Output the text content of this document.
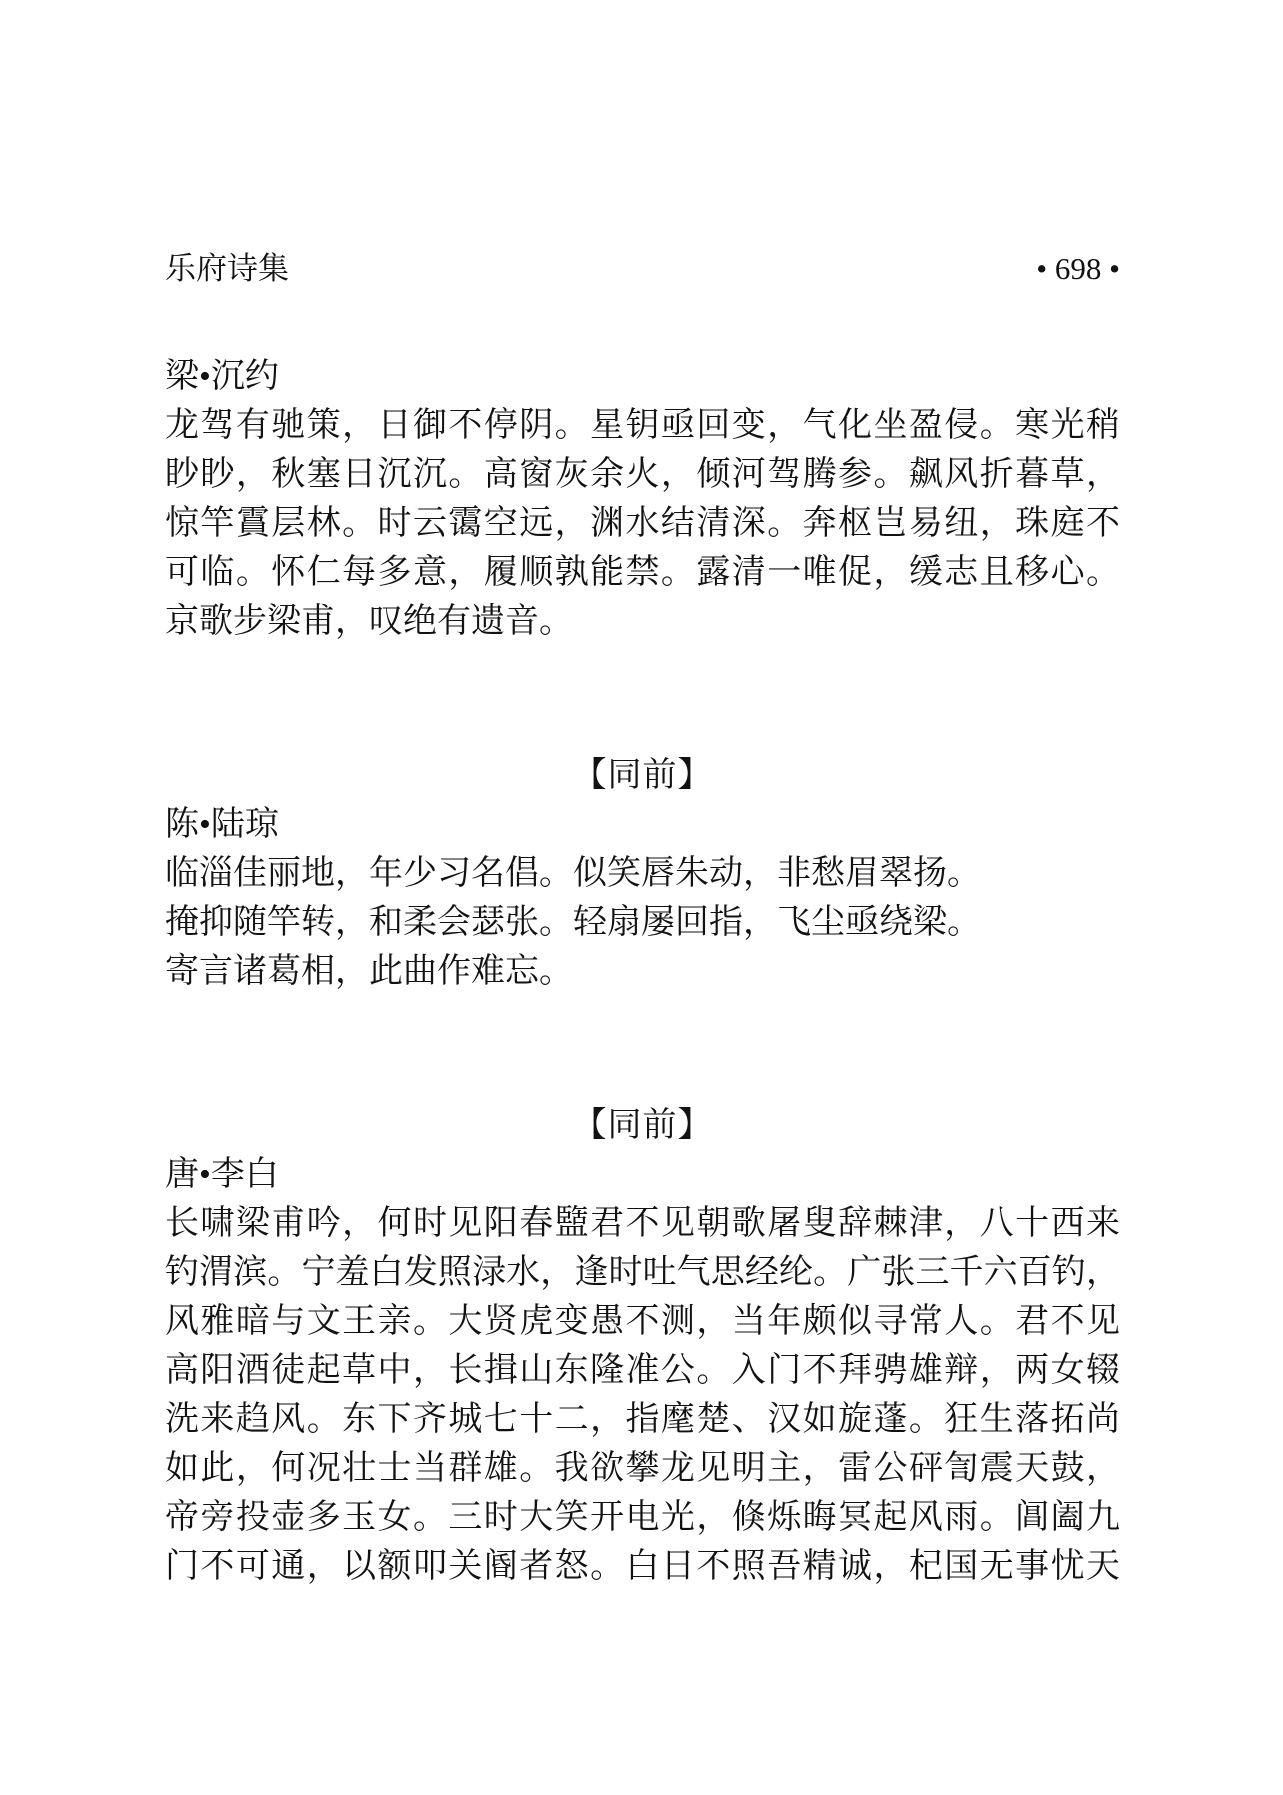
乐府诗集	• 698 •
梁•沉约
龙驾有驰策，日御不停阴。星钥亟回变，气化坐盈侵。寒光稍
眇眇，秋塞日沉沉。高窗灰余火，倾河驾腾参。飙风折暮草，
惊竿霣层林。时云霭空远，渊水结清深。奔枢岂易纽，珠庭不
可临。怀仁每多意，履顺孰能禁。露清一唯促，缓志且移心。
京歌步梁甫，叹绝有遗音。
【同前】
陈•陆琼
临淄佳丽地，年少习名倡。似笑唇朱动，非愁眉翠扬。
掩抑随竿转，和柔会瑟张。轻扇屡回指，飞尘亟绕梁。
寄言诸葛相，此曲作难忘。
【同前】
唐•李白
长啸梁甫吟，何时见阳春盬君不见朝歌屠叟辞棘津，八十西来
钓渭滨。宁羞白发照渌水，逢时吐气思经纶。广张三千六百钓，
风雅暗与文王亲。大贤虎变愚不测，当年颇似寻常人。君不见
高阳酒徒起草中，长揖山东隆准公。入门不拜骋雄辩，两女辍
洗来趋风。东下齐城七十二，指麾楚、汉如旋蓬。狂生落拓尚
如此，何况壮士当群雄。我欲攀龙见明主，雷公砰訇震天鼓，
帝旁投壶多玉女。三时大笑开电光，倏烁晦冥起风雨。阊阖九
门不可通，以额叩关阍者怒。白日不照吾精诚，杞国无事忧天
